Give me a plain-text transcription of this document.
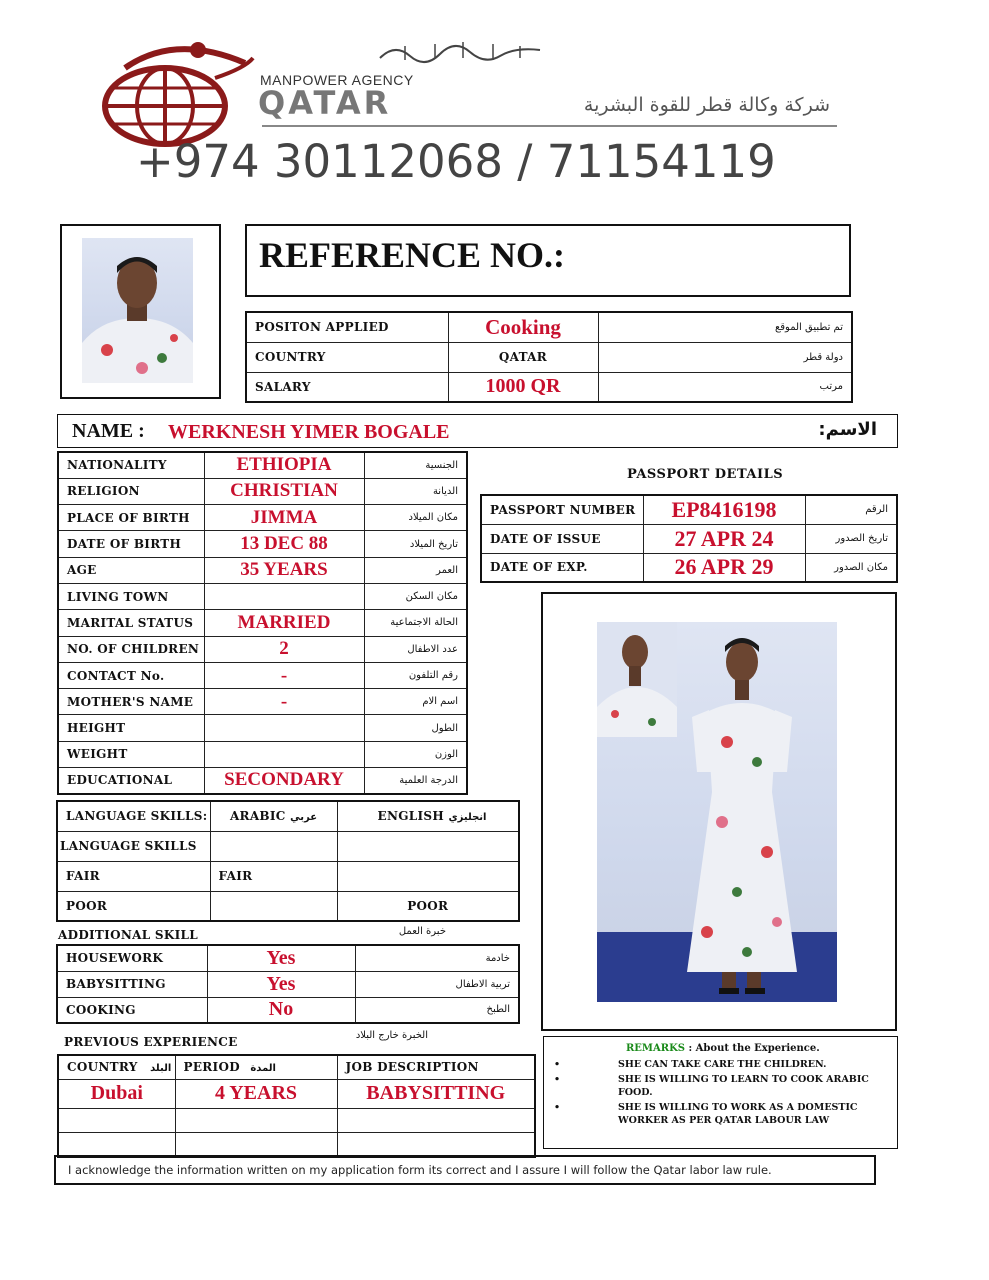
MANPOWER AGENCY
QATAR	شركة وكالة قطر للقوة البشرية
+974 30112068 / 71154119
REFERENCE NO.:
POSITON APPLIED	Cooking	تم تطبيق الموقع
COUNTRY	QATAR	دولة قطر
SALARY	1000 QR	مرتب
NAME : WERKNESH YIMER BOGALE	الاسم:
NATIONALITY	ETHIOPIA	الجنسية
RELIGION	CHRISTIAN	الديانة
PLACE OF BIRTH	JIMMA	مكان الميلاد
DATE OF BIRTH	13 DEC 88	تاريخ الميلاد
AGE	35 YEARS	العمر
LIVING TOWN		مكان السكن
MARITAL STATUS	MARRIED	الحالة الاجتماعية
NO. OF CHILDREN	2	عدد الاطفال
CONTACT No.	-	رقم التلفون
MOTHER'S NAME	-	اسم الام
HEIGHT		الطول
WEIGHT		الوزن
EDUCATIONAL	SECONDARY	الدرجة العلمية
PASSPORT DETAILS
PASSPORT NUMBER	EP8416198	الرقم
DATE OF ISSUE	27 APR 24	تاريخ الصدور
DATE OF EXP.	26 APR 29	مكان الصدور
LANGUAGE SKILLS:	ARABIC عربي	ENGLISH انجليزي
LANGUAGE SKILLS		
FAIR	FAIR	
POOR		POOR
ADDITIONAL SKILL	خبرة العمل
HOUSEWORK	Yes	خادمة
BABYSITTING	Yes	تربية الاطفال
COOKING	No	الطبخ
PREVIOUS EXPERIENCE	الخبرة خارج البلاد
COUNTRY البلد	PERIOD المدة	JOB DESCRIPTION
Dubai	4 YEARS	BABYSITTING

REMARKS : About the Experience.
•	SHE CAN TAKE CARE THE CHILDREN.
•	SHE IS WILLING TO LEARN TO COOK ARABIC FOOD.
•	SHE IS WILLING TO WORK AS A DOMESTIC WORKER AS PER QATAR LABOUR LAW
I acknowledge the information written on my application form its correct and I assure I will follow the Qatar labor law rule.
